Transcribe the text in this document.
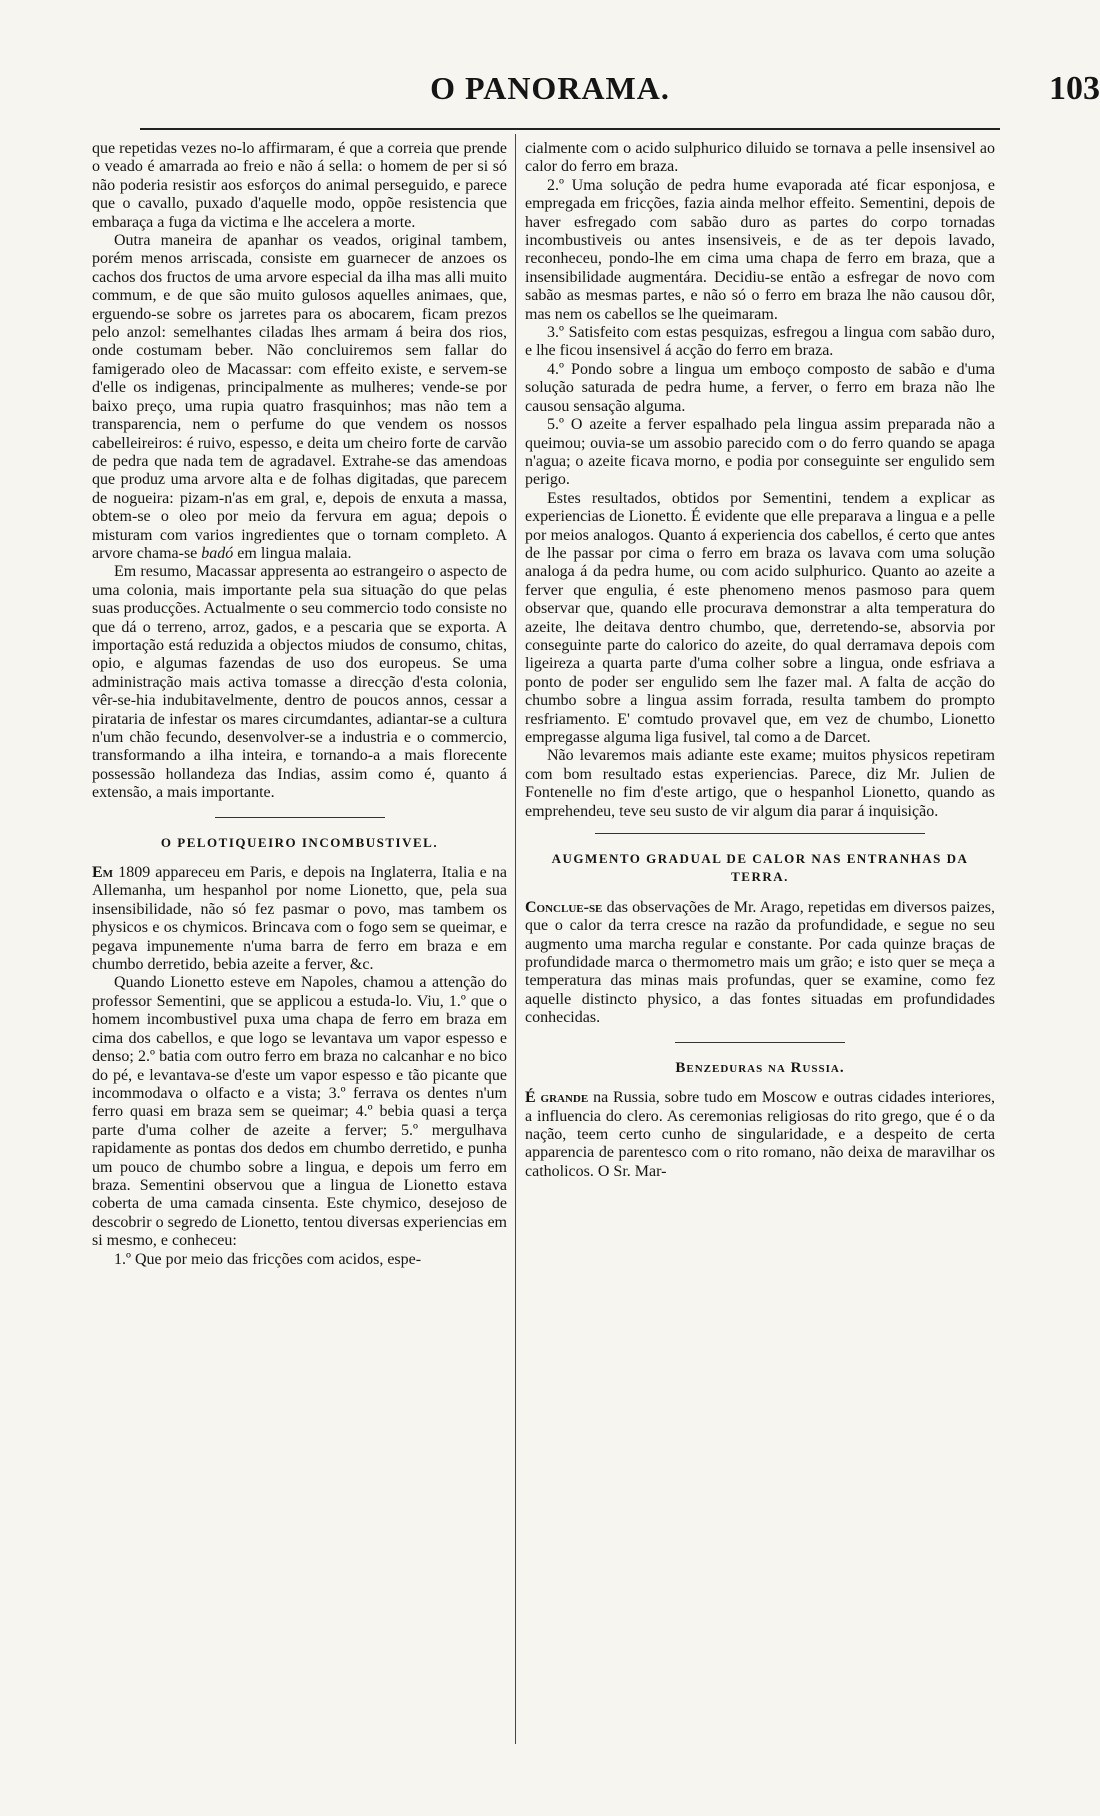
O PANORAMA.	103

que repetidas vezes no-lo affirmaram, é que a correia que prende o veado é amarrada ao freio e não á sella: o homem de per si só não poderia resistir aos esforços do animal perseguido, e parece que o cavallo, puxado d'aquelle modo, oppõe resistencia que embaraça a fuga da victima e lhe accelera a morte.

Outra maneira de apanhar os veados, original tambem, porém menos arriscada, consiste em guarnecer de anzoes os cachos dos fructos de uma arvore especial da ilha mas alli muito commum, e de que são muito gulosos aquelles animaes, que, erguendo-se sobre os jarretes para os abocarem, ficam prezos pelo anzol: semelhantes ciladas lhes armam á beira dos rios, onde costumam beber. Não concluiremos sem fallar do famigerado oleo de Macassar: com effeito existe, e servem-se d'elle os indigenas, principalmente as mulheres; vende-se por baixo preço, uma rupia quatro frasquinhos; mas não tem a transparencia, nem o perfume do que vendem os nossos cabelleireiros: é ruivo, espesso, e deita um cheiro forte de carvão de pedra que nada tem de agradavel. Extrahe-se das amendoas que produz uma arvore alta e de folhas digitadas, que parecem de nogueira: pizam-n'as em gral, e, depois de enxuta a massa, obtem-se o oleo por meio da fervura em agua; depois o misturam com varios ingredientes que o tornam completo. A arvore chama-se badó em lingua malaia.

Em resumo, Macassar appresenta ao estrangeiro o aspecto de uma colonia, mais importante pela sua situação do que pelas suas producções. Actualmente o seu commercio todo consiste no que dá o terreno, arroz, gados, e a pescaria que se exporta. A importação está reduzida a objectos miudos de consumo, chitas, opio, e algumas fazendas de uso dos europeus. Se uma administração mais activa tomasse a direcção d'esta colonia, vêr-se-hia indubitavelmente, dentro de poucos annos, cessar a pirataria de infestar os mares circumdantes, adiantar-se a cultura n'um chão fecundo, desenvolver-se a industria e o commercio, transformando a ilha inteira, e tornando-a a mais florecente possessão hollandeza das Indias, assim como é, quanto á extensão, a mais importante.

O PELOTIQUEIRO INCOMBUSTIVEL.

Em 1809 appareceu em Paris, e depois na Inglaterra, Italia e na Allemanha, um hespanhol por nome Lionetto, que, pela sua insensibilidade, não só fez pasmar o povo, mas tambem os physicos e os chymicos. Brincava com o fogo sem se queimar, e pegava impunemente n'uma barra de ferro em braza e em chumbo derretido, bebia azeite a ferver, &c.

Quando Lionetto esteve em Napoles, chamou a attenção do professor Sementini, que se applicou a estuda-lo. Viu, 1.º que o homem incombustivel puxa uma chapa de ferro em braza em cima dos cabellos, e que logo se levantava um vapor espesso e denso; 2.º batia com outro ferro em braza no calcanhar e no bico do pé, e levantava-se d'este um vapor espesso e tão picante que incommodava o olfacto e a vista; 3.º ferrava os dentes n'um ferro quasi em braza sem se queimar; 4.º bebia quasi a terça parte d'uma colher de azeite a ferver; 5.º mergulhava rapidamente as pontas dos dedos em chumbo derretido, e punha um pouco de chumbo sobre a lingua, e depois um ferro em braza. Sementini observou que a lingua de Lionetto estava coberta de uma camada cinsenta. Este chymico, desejoso de descobrir o segredo de Lionetto, tentou diversas experiencias em si mesmo, e conheceu:

1.º Que por meio das fricções com acidos, espe-

cialmente com o acido sulphurico diluido se tornava a pelle insensivel ao calor do ferro em braza.

2.º Uma solução de pedra hume evaporada até ficar esponjosa, e empregada em fricções, fazia ainda melhor effeito. Sementini, depois de haver esfregado com sabão duro as partes do corpo tornadas incombustiveis ou antes insensiveis, e de as ter depois lavado, reconheceu, pondo-lhe em cima uma chapa de ferro em braza, que a insensibilidade augmentára. Decidiu-se então a esfregar de novo com sabão as mesmas partes, e não só o ferro em braza lhe não causou dôr, mas nem os cabellos se lhe queimaram.

3.º Satisfeito com estas pesquizas, esfregou a lingua com sabão duro, e lhe ficou insensivel á acção do ferro em braza.

4.º Pondo sobre a lingua um emboço composto de sabão e d'uma solução saturada de pedra hume, a ferver, o ferro em braza não lhe causou sensação alguma.

5.º O azeite a ferver espalhado pela lingua assim preparada não a queimou; ouvia-se um assobio parecido com o do ferro quando se apaga n'agua; o azeite ficava morno, e podia por conseguinte ser engulido sem perigo.

Estes resultados, obtidos por Sementini, tendem a explicar as experiencias de Lionetto. É evidente que elle preparava a lingua e a pelle por meios analogos. Quanto á experiencia dos cabellos, é certo que antes de lhe passar por cima o ferro em braza os lavava com uma solução analoga á da pedra hume, ou com acido sulphurico. Quanto ao azeite a ferver que engulia, é este phenomeno menos pasmoso para quem observar que, quando elle procurava demonstrar a alta temperatura do azeite, lhe deitava dentro chumbo, que, derretendo-se, absorvia por conseguinte parte do calorico do azeite, do qual derramava depois com ligeireza a quarta parte d'uma colher sobre a lingua, onde esfriava a ponto de poder ser engulido sem lhe fazer mal. A falta de acção do chumbo sobre a lingua assim forrada, resulta tambem do prompto resfriamento. E' comtudo provavel que, em vez de chumbo, Lionetto empregasse alguma liga fusivel, tal como a de Darcet.

Não levaremos mais adiante este exame; muitos physicos repetiram com bom resultado estas experiencias. Parece, diz Mr. Julien de Fontenelle no fim d'este artigo, que o hespanhol Lionetto, quando as emprehendeu, teve seu susto de vir algum dia parar á inquisição.

AUGMENTO GRADUAL DE CALOR NAS ENTRANHAS DA TERRA.

Conclue-se das observações de Mr. Arago, repetidas em diversos paizes, que o calor da terra cresce na razão da profundidade, e segue no seu augmento uma marcha regular e constante. Por cada quinze braças de profundidade marca o thermometro mais um grão; e isto quer se meça a temperatura das minas mais profundas, quer se examine, como fez aquelle distincto physico, a das fontes situadas em profundidades conhecidas.

Benzeduras na Russia.

É grande na Russia, sobre tudo em Moscow e outras cidades interiores, a influencia do clero. As ceremonias religiosas do rito grego, que é o da nação, teem certo cunho de singularidade, e a despeito de certa apparencia de parentesco com o rito romano, não deixa de maravilhar os catholicos. O Sr. Mar-
